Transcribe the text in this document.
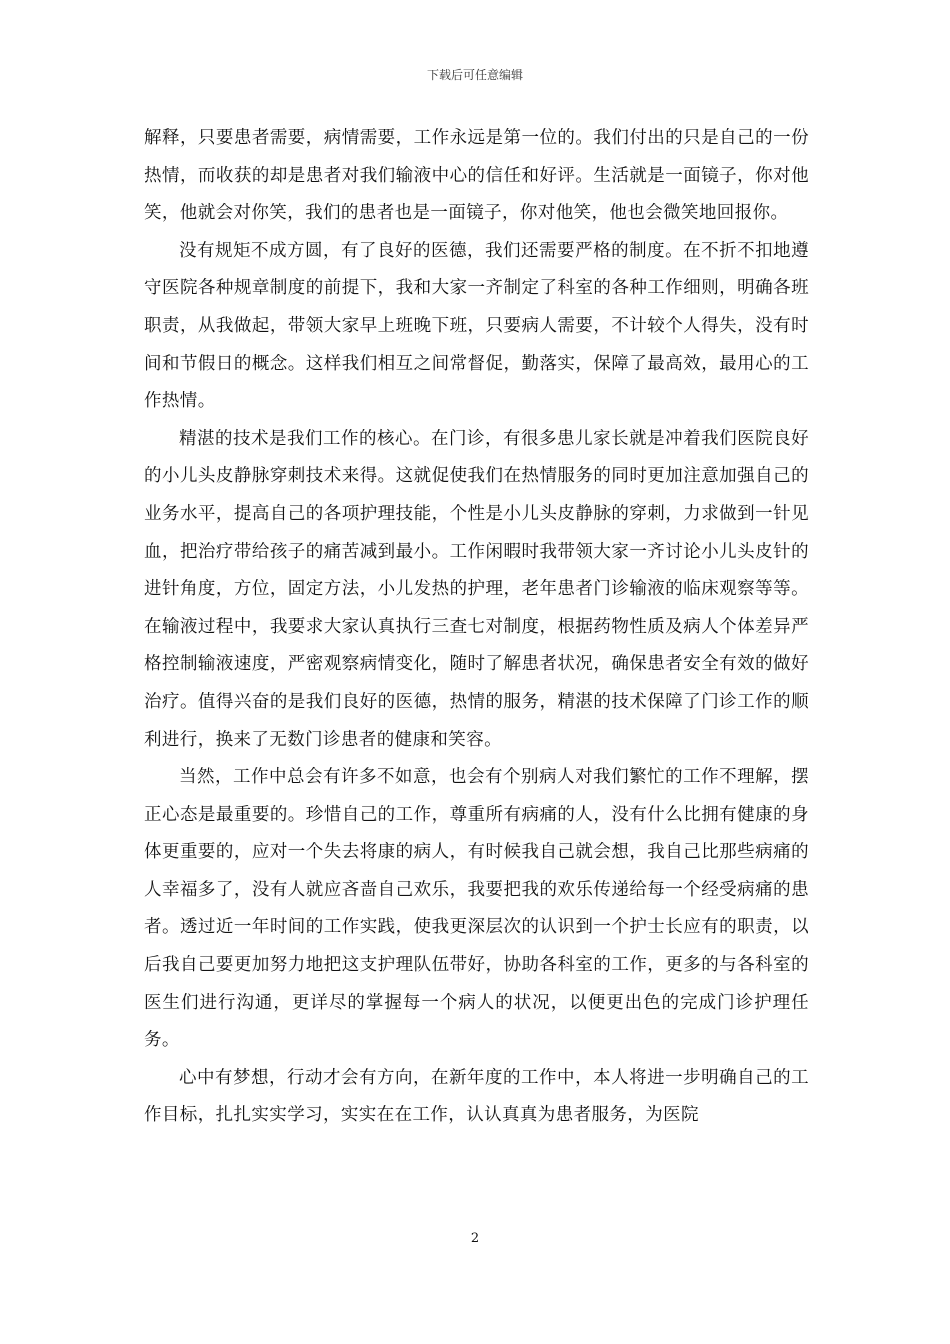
下载后可任意编辑

解释，只要患者需要，病情需要，工作永远是第一位的。我们付出的只是自己的一份热情，而收获的却是患者对我们输液中心的信任和好评。生活就是一面镜子，你对他笑，他就会对你笑，我们的患者也是一面镜子，你对他笑，他也会微笑地回报你。

没有规矩不成方圆，有了良好的医德，我们还需要严格的制度。在不折不扣地遵守医院各种规章制度的前提下，我和大家一齐制定了科室的各种工作细则，明确各班职责，从我做起，带领大家早上班晚下班，只要病人需要，不计较个人得失，没有时间和节假日的概念。这样我们相互之间常督促，勤落实，保障了最高效，最用心的工作热情。

精湛的技术是我们工作的核心。在门诊，有很多患儿家长就是冲着我们医院良好的小儿头皮静脉穿刺技术来得。这就促使我们在热情服务的同时更加注意加强自己的业务水平，提高自己的各项护理技能，个性是小儿头皮静脉的穿刺，力求做到一针见血，把治疗带给孩子的痛苦减到最小。工作闲暇时我带领大家一齐讨论小儿头皮针的进针角度，方位，固定方法，小儿发热的护理，老年患者门诊输液的临床观察等等。在输液过程中，我要求大家认真执行三查七对制度，根据药物性质及病人个体差异严格控制输液速度，严密观察病情变化，随时了解患者状况，确保患者安全有效的做好治疗。值得兴奋的是我们良好的医德，热情的服务，精湛的技术保障了门诊工作的顺利进行，换来了无数门诊患者的健康和笑容。

当然，工作中总会有许多不如意，也会有个别病人对我们繁忙的工作不理解，摆正心态是最重要的。珍惜自己的工作，尊重所有病痛的人，没有什么比拥有健康的身体更重要的，应对一个失去将康的病人，有时候我自己就会想，我自己比那些病痛的人幸福多了，没有人就应吝啬自己欢乐，我要把我的欢乐传递给每一个经受病痛的患者。透过近一年时间的工作实践，使我更深层次的认识到一个护士长应有的职责，以后我自己要更加努力地把这支护理队伍带好，协助各科室的工作，更多的与各科室的医生们进行沟通，更详尽的掌握每一个病人的状况，以便更出色的完成门诊护理任务。

心中有梦想，行动才会有方向，在新年度的工作中，本人将进一步明确自己的工作目标，扎扎实实学习，实实在在工作，认认真真为患者服务，为医院

2
